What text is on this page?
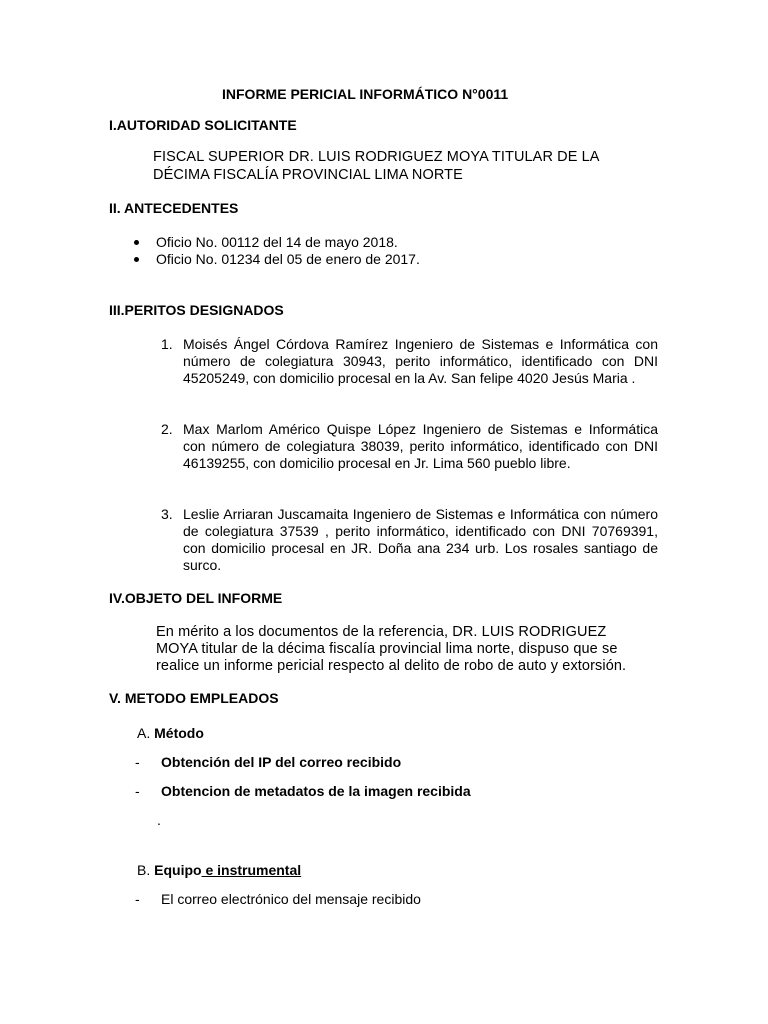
INFORME PERICIAL INFORMÁTICO N°0011
I.AUTORIDAD SOLICITANTE
FISCAL SUPERIOR DR. LUIS RODRIGUEZ MOYA TITULAR DE LA
DÉCIMA FISCALÍA PROVINCIAL LIMA NORTE
II. ANTECEDENTES
Oficio No. 00112 del 14 de mayo 2018.
Oficio No. 01234 del 05 de enero de 2017.
III.PERITOS DESIGNADOS
1. Moisés Ángel Córdova Ramírez Ingeniero de Sistemas e Informática con número de colegiatura 30943, perito informático, identificado con DNI 45205249, con domicilio procesal en la Av. San felipe 4020 Jesús Maria .
2. Max Marlom Américo Quispe López Ingeniero de Sistemas e Informática con número de colegiatura 38039, perito informático, identificado con DNI 46139255, con domicilio procesal en Jr. Lima 560 pueblo libre.
3. Leslie Arriaran Juscamaita Ingeniero de Sistemas e Informática con número de colegiatura 37539 , perito informático, identificado con DNI 70769391, con domicilio procesal en JR. Doña ana 234 urb. Los rosales santiago de surco.
IV.OBJETO DEL INFORME
En mérito a los documentos de la referencia, DR. LUIS RODRIGUEZ
MOYA titular de la décima fiscalía provincial lima norte, dispuso que se
realice un informe pericial respecto al delito de robo de auto y extorsión.
V. METODO EMPLEADOS
A. Método
- Obtención del IP del correo recibido
- Obtencion de metadatos de la imagen recibida
.
B. Equipo e instrumental
- El correo electrónico del mensaje recibido
